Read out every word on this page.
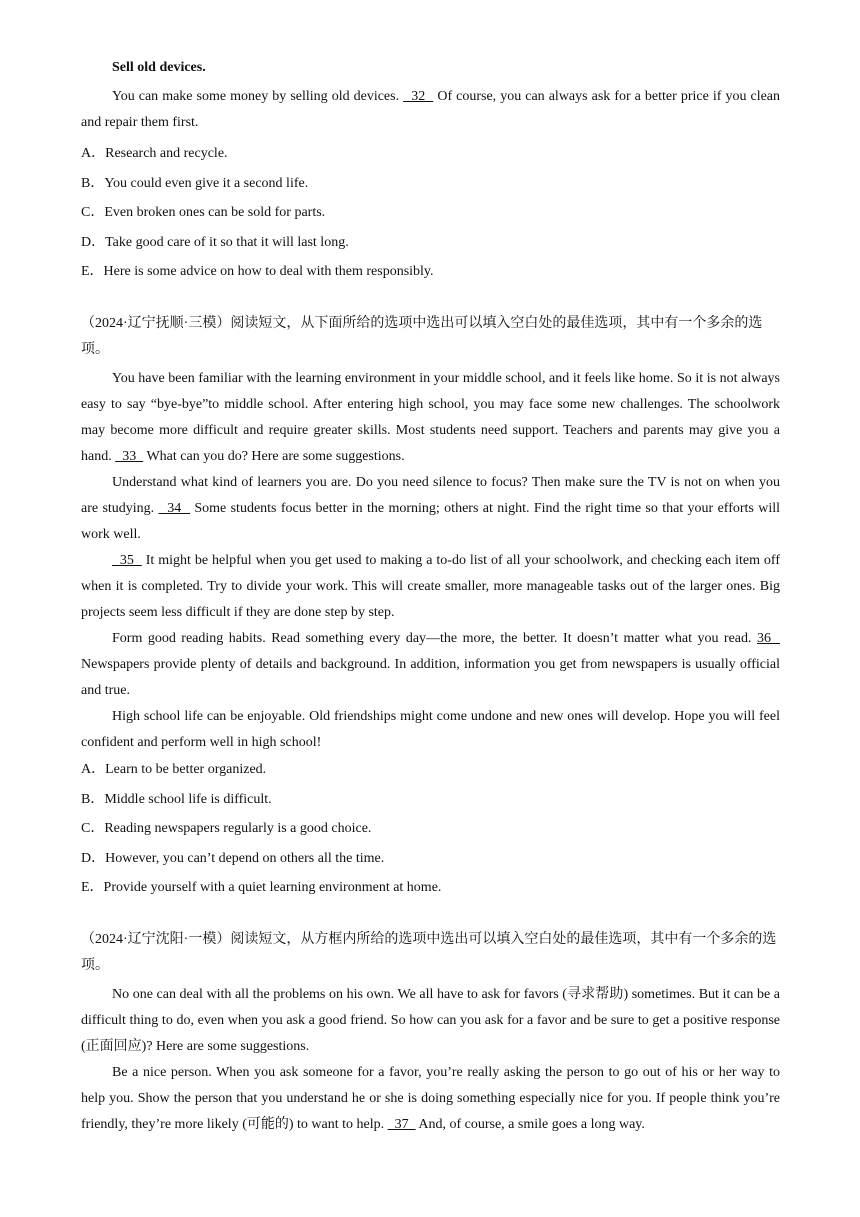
Sell old devices.

You can make some money by selling old devices.   32   Of course, you can always ask for a better price if you clean and repair them first.

A．Research and recycle.

B．You could even give it a second life.

C．Even broken ones can be sold for parts.

D．Take good care of it so that it will last long.

E．Here is some advice on how to deal with them responsibly.

（2024·辽宁抚顺·三模）阅读短文，从下面所给的选项中选出可以填入空白处的最佳选项，其中有一个多余的选项。

You have been familiar with the learning environment in your middle school, and it feels like home. So it is not always easy to say “bye-bye”to middle school. After entering high school, you may face some new challenges. The schoolwork may become more difficult and require greater skills. Most students need support. Teachers and parents may give you a hand.   33   What can you do? Here are some suggestions.

Understand what kind of learners you are. Do you need silence to focus? Then make sure the TV is not on when you are studying.   34   Some students focus better in the morning; others at night. Find the right time so that your efforts will work well.

35   It might be helpful when you get used to making a to-do list of all your schoolwork, and checking each item off when it is completed. Try to divide your work. This will create smaller, more manageable tasks out of the larger ones. Big projects seem less difficult if they are done step by step.

Form good reading habits. Read something every day—the more, the better. It doesn’t matter what you read. 36   Newspapers provide plenty of details and background. In addition, information you get from newspapers is usually official and true.

High school life can be enjoyable. Old friendships might come undone and new ones will develop. Hope you will feel confident and perform well in high school!

A．Learn to be better organized.

B．Middle school life is difficult.

C．Reading newspapers regularly is a good choice.

D．However, you can’t depend on others all the time.

E．Provide yourself with a quiet learning environment at home.

（2024·辽宁沈阳·一模）阅读短文，从方框内所给的选项中选出可以填入空白处的最佳选项，其中有一个多余的选项。

No one can deal with all the problems on his own. We all have to ask for favors (寻求帮助) sometimes. But it can be a difficult thing to do, even when you ask a good friend. So how can you ask for a favor and be sure to get a positive response (正面回应)? Here are some suggestions.

Be a nice person. When you ask someone for a favor, you’re really asking the person to go out of his or her way to help you. Show the person that you understand he or she is doing something especially nice for you. If people think you’re friendly, they’re more likely (可能的) to want to help.   37   And, of course, a smile goes a long way.
